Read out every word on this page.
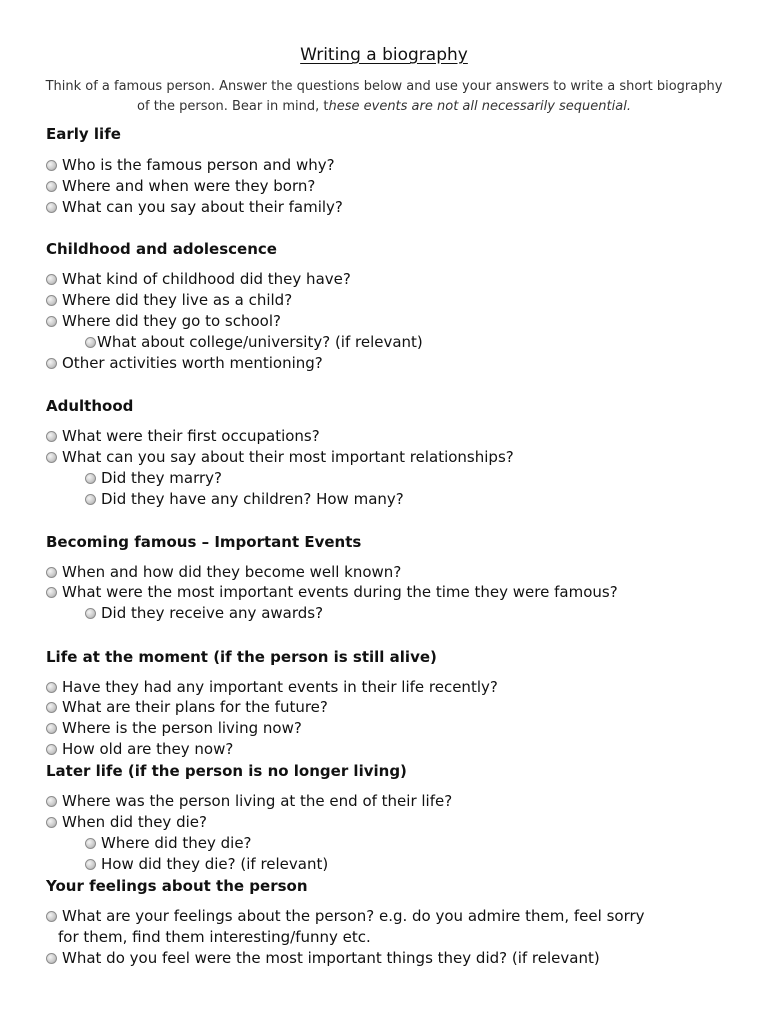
Writing a biography
Think of a famous person. Answer the questions below and use your answers to write a short biography of the person. Bear in mind, these events are not all necessarily sequential.
Early life
Who is the famous person and why?
Where and when were they born?
What can you say about their family?
Childhood and adolescence
What kind of childhood did they have?
Where did they live as a child?
Where did they go to school?
What about college/university? (if relevant)
Other activities worth mentioning?
Adulthood
What were their first occupations?
What can you say about their most important relationships?
Did they marry?
Did they have any children? How many?
Becoming famous – Important Events
When and how did they become well known?
What were the most important events during the time they were famous?
Did they receive any awards?
Life at the moment (if the person is still alive)
Have they had any important events in their life recently?
What are their plans for the future?
Where is the person living now?
How old are they now?
Later life (if the person is no longer living)
Where was the person living at the end of their life?
When did they die?
Where did they die?
How did they die? (if relevant)
Your feelings about the person
What are your feelings about the person? e.g. do you admire them, feel sorry
for them, find them interesting/funny etc.
What do you feel were the most important things they did? (if relevant)
